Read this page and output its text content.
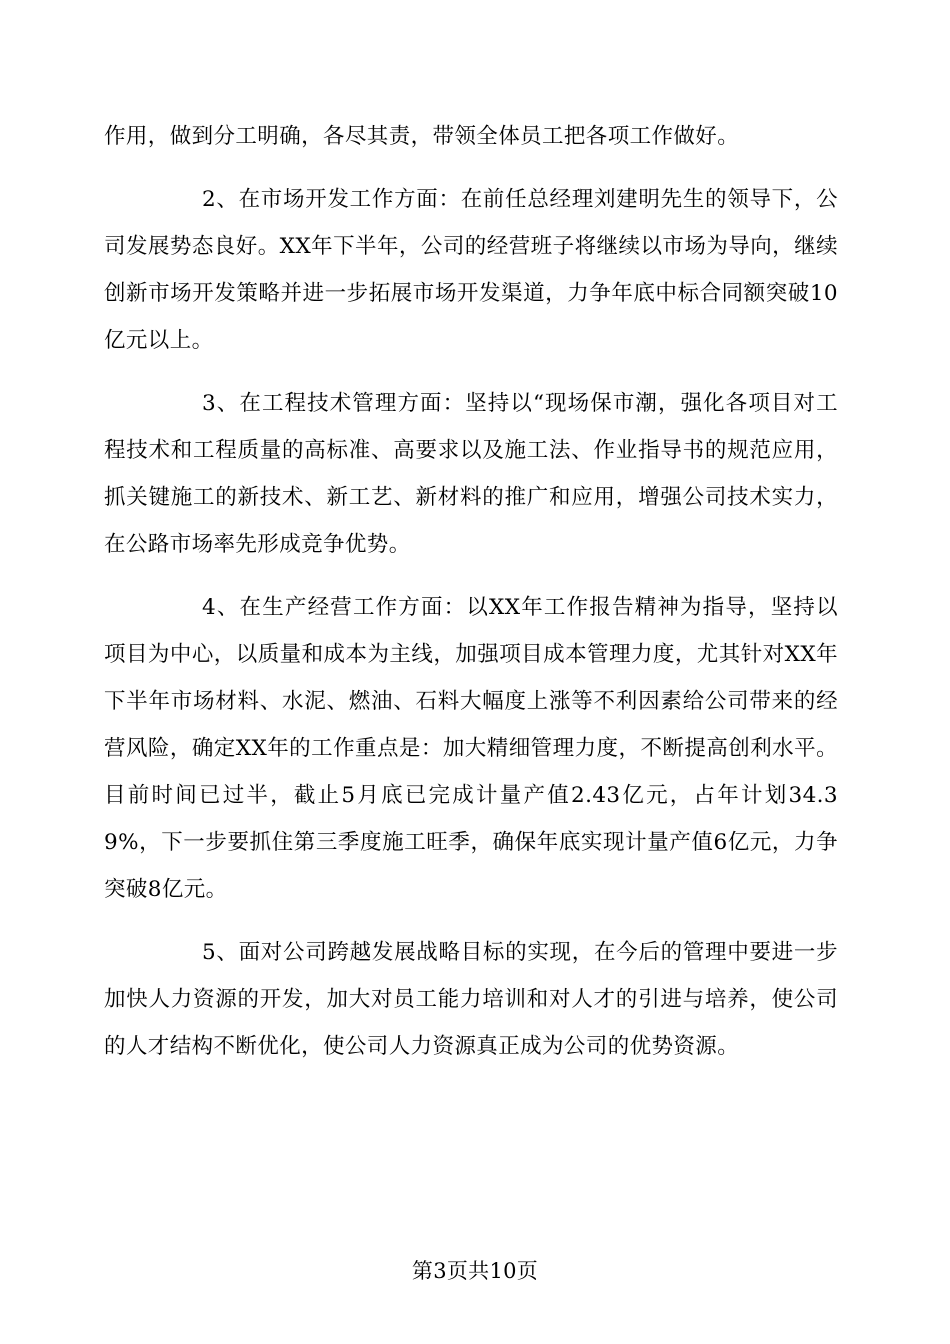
作用，做到分工明确，各尽其责，带领全体员工把各项工作做好。

2、在市场开发工作方面：在前任总经理刘建明先生的领导下，公司发展势态良好。XX年下半年，公司的经营班子将继续以市场为导向，继续创新市场开发策略并进一步拓展市场开发渠道，力争年底中标合同额突破10亿元以上。

3、在工程技术管理方面：坚持以“现场保市潮，强化各项目对工程技术和工程质量的高标准、高要求以及施工法、作业指导书的规范应用，抓关键施工的新技术、新工艺、新材料的推广和应用，增强公司技术实力，在公路市场率先形成竞争优势。

4、在生产经营工作方面：以XX年工作报告精神为指导，坚持以项目为中心，以质量和成本为主线，加强项目成本管理力度，尤其针对XX年下半年市场材料、水泥、燃油、石料大幅度上涨等不利因素给公司带来的经营风险，确定XX年的工作重点是：加大精细管理力度，不断提高创利水平。目前时间已过半，截止5月底已完成计量产值2.43亿元，占年计划34.39%，下一步要抓住第三季度施工旺季，确保年底实现计量产值6亿元，力争突破8亿元。

5、面对公司跨越发展战略目标的实现，在今后的管理中要进一步加快人力资源的开发，加大对员工能力培训和对人才的引进与培养，使公司的人才结构不断优化，使公司人力资源真正成为公司的优势资源。

第3页共10页
